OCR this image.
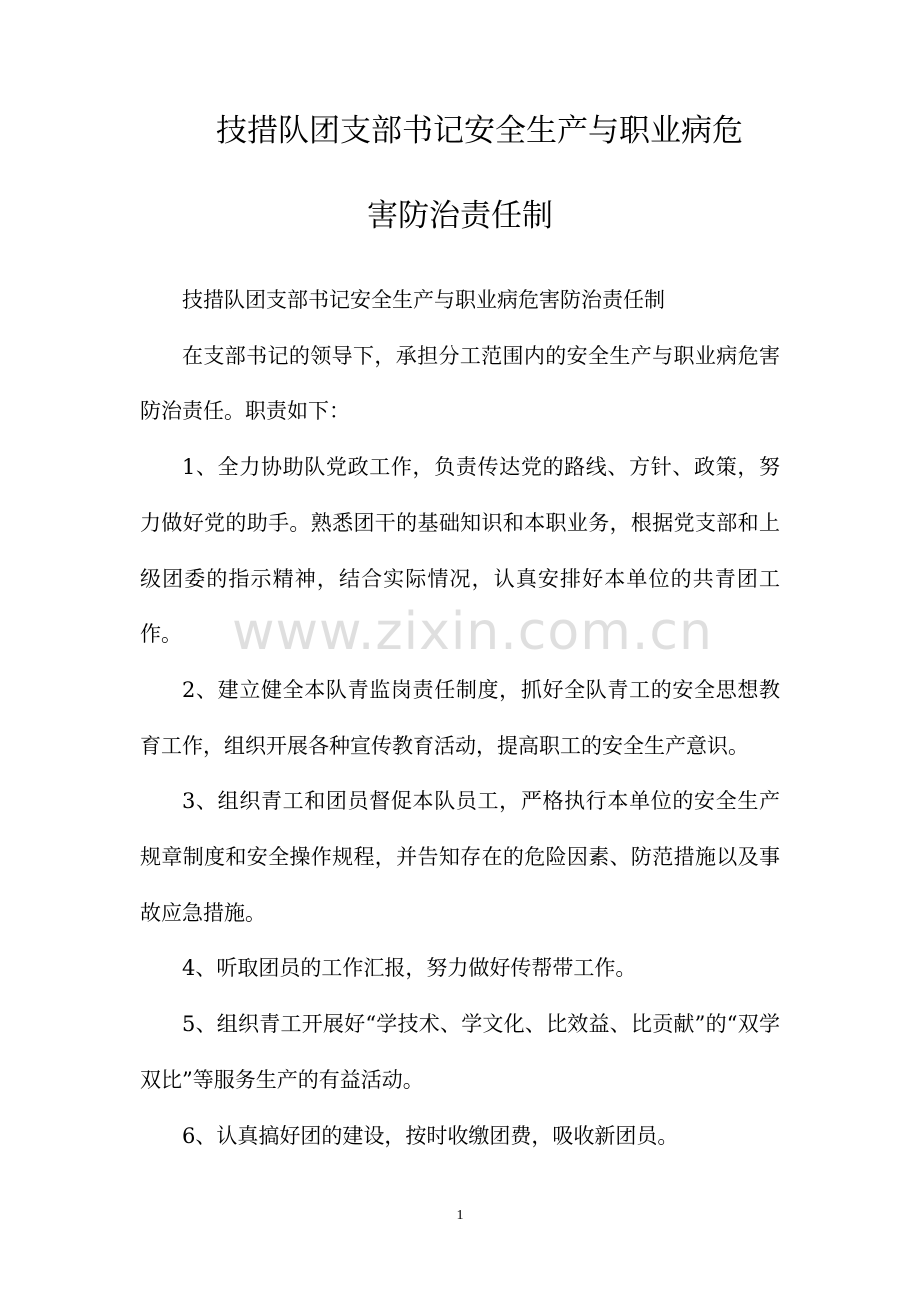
技措队团支部书记安全生产与职业病危
害防治责任制

技措队团支部书记安全生产与职业病危害防治责任制

在支部书记的领导下，承担分工范围内的安全生产与职业病危害防治责任。职责如下：

1、全力协助队党政工作，负责传达党的路线、方针、政策，努力做好党的助手。熟悉团干的基础知识和本职业务，根据党支部和上级团委的指示精神，结合实际情况，认真安排好本单位的共青团工作。

2、建立健全本队青监岗责任制度，抓好全队青工的安全思想教育工作，组织开展各种宣传教育活动，提高职工的安全生产意识。

3、组织青工和团员督促本队员工，严格执行本单位的安全生产规章制度和安全操作规程，并告知存在的危险因素、防范措施以及事故应急措施。

4、听取团员的工作汇报，努力做好传帮带工作。

5、组织青工开展好“学技术、学文化、比效益、比贡献”的“双学双比”等服务生产的有益活动。

6、认真搞好团的建设，按时收缴团费，吸收新团员。

www.zixin.com.cn
1
